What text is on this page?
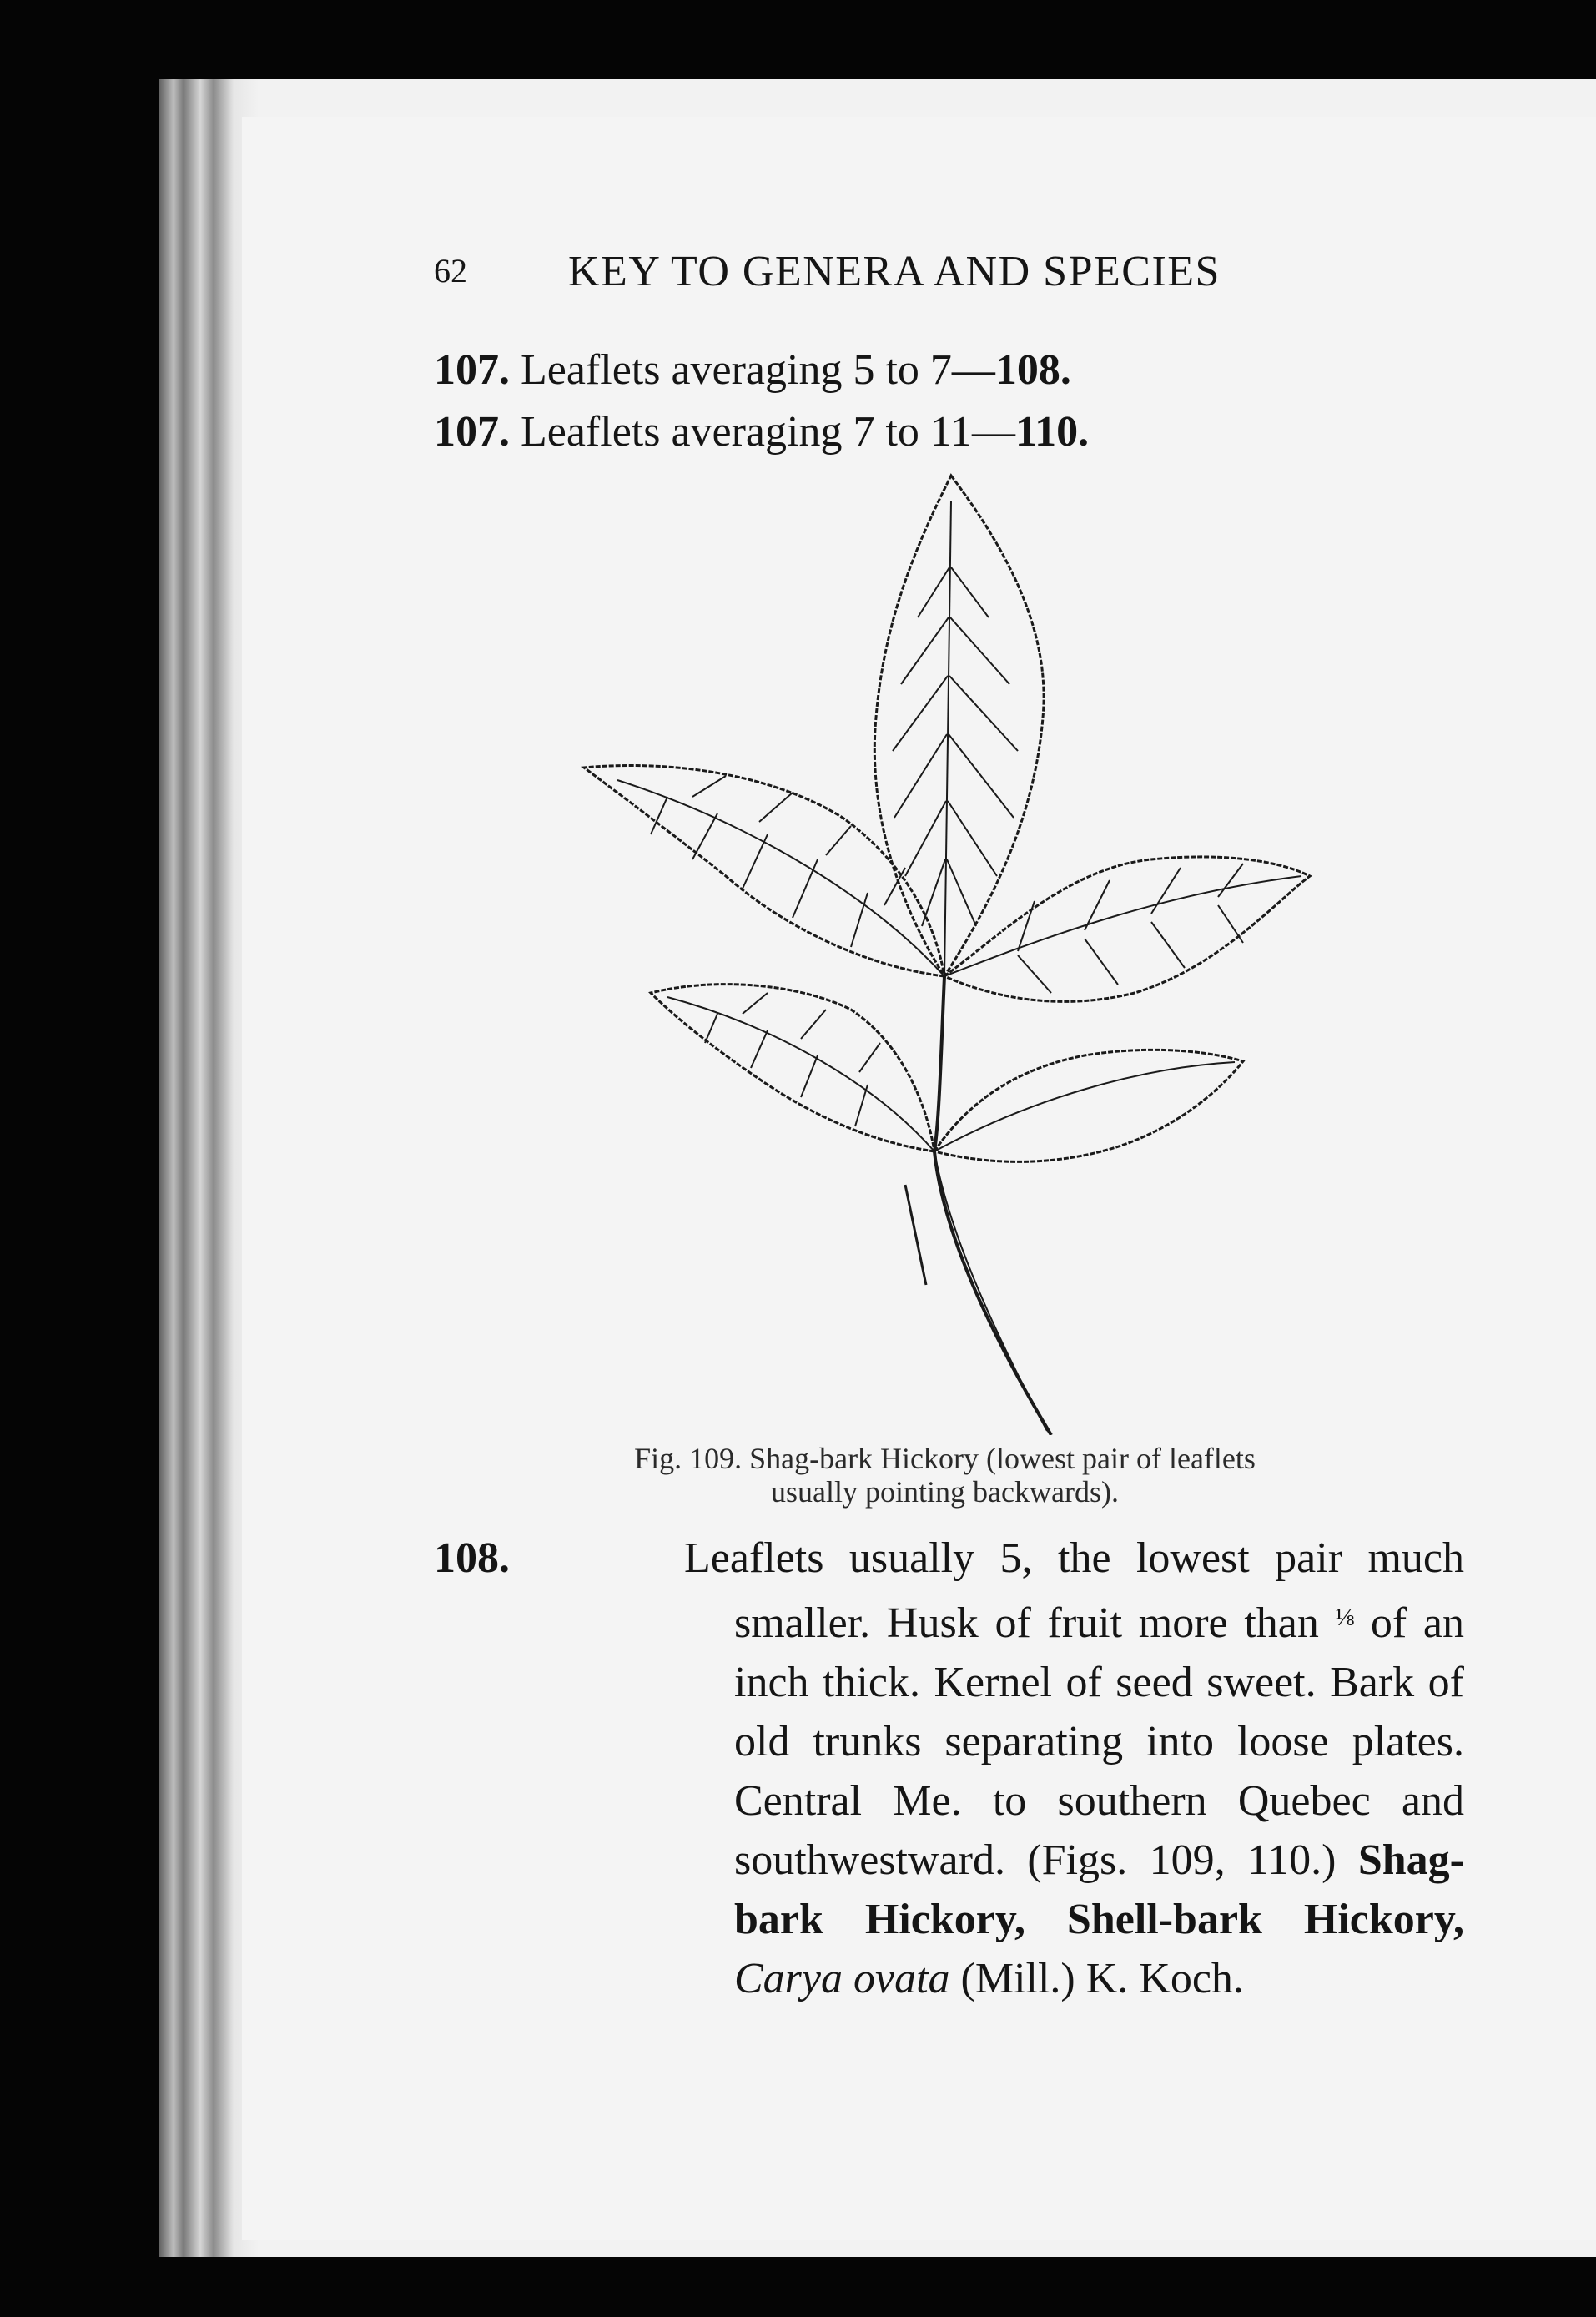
62 KEY TO GENERA AND SPECIES
107. Leaflets averaging 5 to 7—108.
107. Leaflets averaging 7 to 11—110.
Fig. 109. Shag-bark Hickory (lowest pair of leaflets
usually pointing backwards).
108.	Leaflets usually 5, the lowest pair much smaller. Husk of fruit more than $^{\frac{1}{8}}$ of an inch thick. Kernel of seed sweet. Bark of old trunks separating into loose plates. Central Me. to southern Quebec and southwestward. (Figs. 109, 110.) Shag-bark Hickory, Shell-bark Hickory, Carya ovata (Mill.) K. Koch.
